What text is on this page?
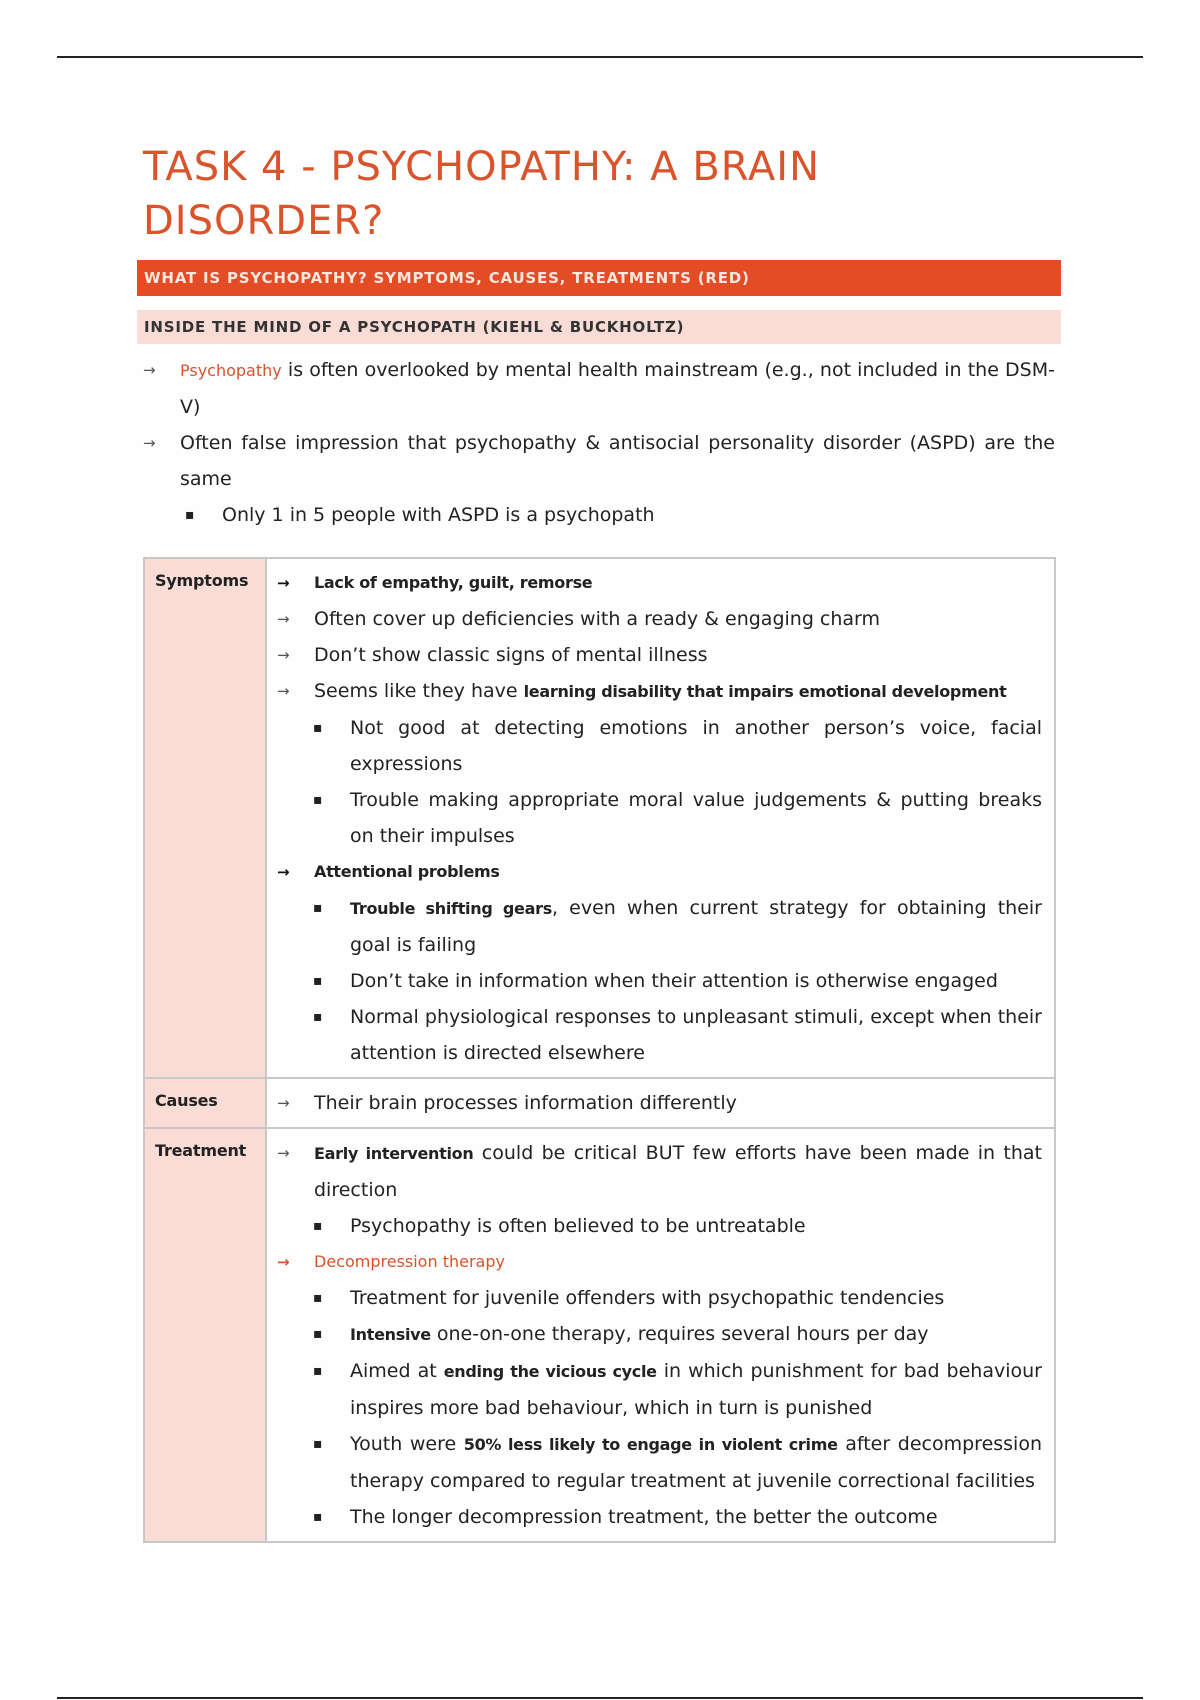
TASK 4 - PSYCHOPATHY: A BRAIN DISORDER?
WHAT IS PSYCHOPATHY? SYMPTOMS, CAUSES, TREATMENTS (RED)
INSIDE THE MIND OF A PSYCHOPATH (KIEHL & BUCKHOLTZ)
→	Psychopathy is often overlooked by mental health mainstream (e.g., not included in the DSM-V)
→	Often false impression that psychopathy & antisocial personality disorder (ASPD) are the same
▪	Only 1 in 5 people with ASPD is a psychopath
Symptoms	→	Lack of empathy, guilt, remorse
→	Often cover up deficiencies with a ready & engaging charm
→	Don’t show classic signs of mental illness
→	Seems like they have learning disability that impairs emotional development
▪	Not good at detecting emotions in another person’s voice, facial expressions
▪	Trouble making appropriate moral value judgements & putting breaks on their impulses
→	Attentional problems
▪	Trouble shifting gears, even when current strategy for obtaining their goal is failing
▪	Don’t take in information when their attention is otherwise engaged
▪	Normal physiological responses to unpleasant stimuli, except when their attention is directed elsewhere

Causes	→ Their brain processes information differently

Treatment	→	Early intervention could be critical BUT few efforts have been made in that direction
▪	Psychopathy is often believed to be untreatable
→	Decompression therapy
▪	Treatment for juvenile offenders with psychopathic tendencies
▪	Intensive one-on-one therapy, requires several hours per day
▪	Aimed at ending the vicious cycle in which punishment for bad behaviour inspires more bad behaviour, which in turn is punished
▪	Youth were 50% less likely to engage in violent crime after decompression therapy compared to regular treatment at juvenile correctional facilities
▪	The longer decompression treatment, the better the outcome
